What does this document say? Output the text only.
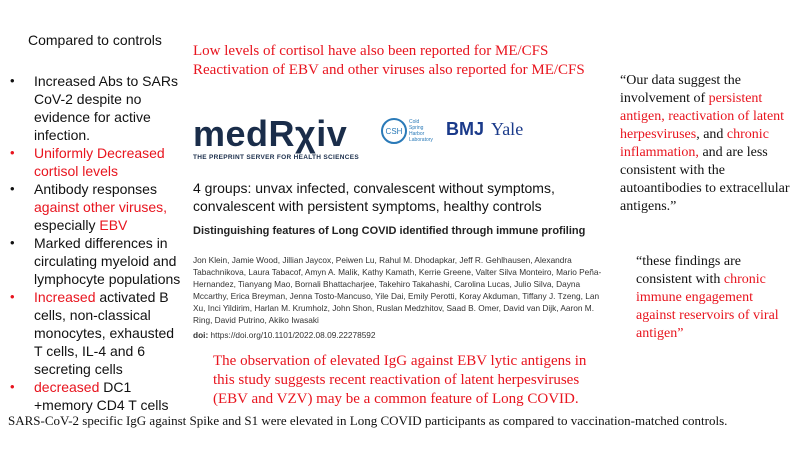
Compared to controls
• Increased Abs to SARs CoV-2 despite no evidence for active infection.
• Uniformly Decreased cortisol levels
• Antibody responses against other viruses, especially EBV
• Marked differences in circulating myeloid and lymphocyte populations
• Increased activated B cells, non-classical monocytes, exhausted T cells, IL-4 and 6 secreting cells
• decreased DC1 +memory CD4 T cells
Low levels of cortisol have also been reported for ME/CFS
Reactivation of EBV and other viruses also reported for ME/CFS
medRχiv
THE PREPRINT SERVER FOR HEALTH SCIENCES
CSH
Cold
Spring
Harbor
Laboratory
BMJ Yale
4 groups: unvax infected, convalescent without symptoms, convalescent with persistent symptoms, healthy controls
Distinguishing features of Long COVID identified through immune profiling
Jon Klein, Jamie Wood, Jillian Jaycox, Peiwen Lu, Rahul M. Dhodapkar, Jeff R. Gehlhausen, Alexandra Tabachnikova, Laura Tabacof, Amyn A. Malik, Kathy Kamath, Kerrie Greene, Valter Silva Monteiro, Mario Peña-Hernandez, Tianyang Mao, Bornali Bhattacharjee, Takehiro Takahashi, Carolina Lucas, Julio Silva, Dayna Mccarthy, Erica Breyman, Jenna Tosto-Mancuso, Yile Dai, Emily Perotti, Koray Akduman, Tiffany J. Tzeng, Lan Xu, Inci Yildirim, Harlan M. Krumholz, John Shon, Ruslan Medzhitov, Saad B. Omer, David van Dijk, Aaron M. Ring, David Putrino, Akiko Iwasaki
doi: https://doi.org/10.1101/2022.08.09.22278592
The observation of elevated IgG against EBV lytic antigens in this study suggests recent reactivation of latent herpesviruses (EBV and VZV) may be a common feature of Long COVID.
“Our data suggest the involvement of persistent antigen, reactivation of latent herpesviruses, and chronic inflammation, and are less consistent with the autoantibodies to extracellular antigens.”
“these findings are consistent with chronic immune engagement against reservoirs of viral antigen”
SARS-CoV-2 specific IgG against Spike and S1 were elevated in Long COVID participants as compared to vaccination-matched controls.
